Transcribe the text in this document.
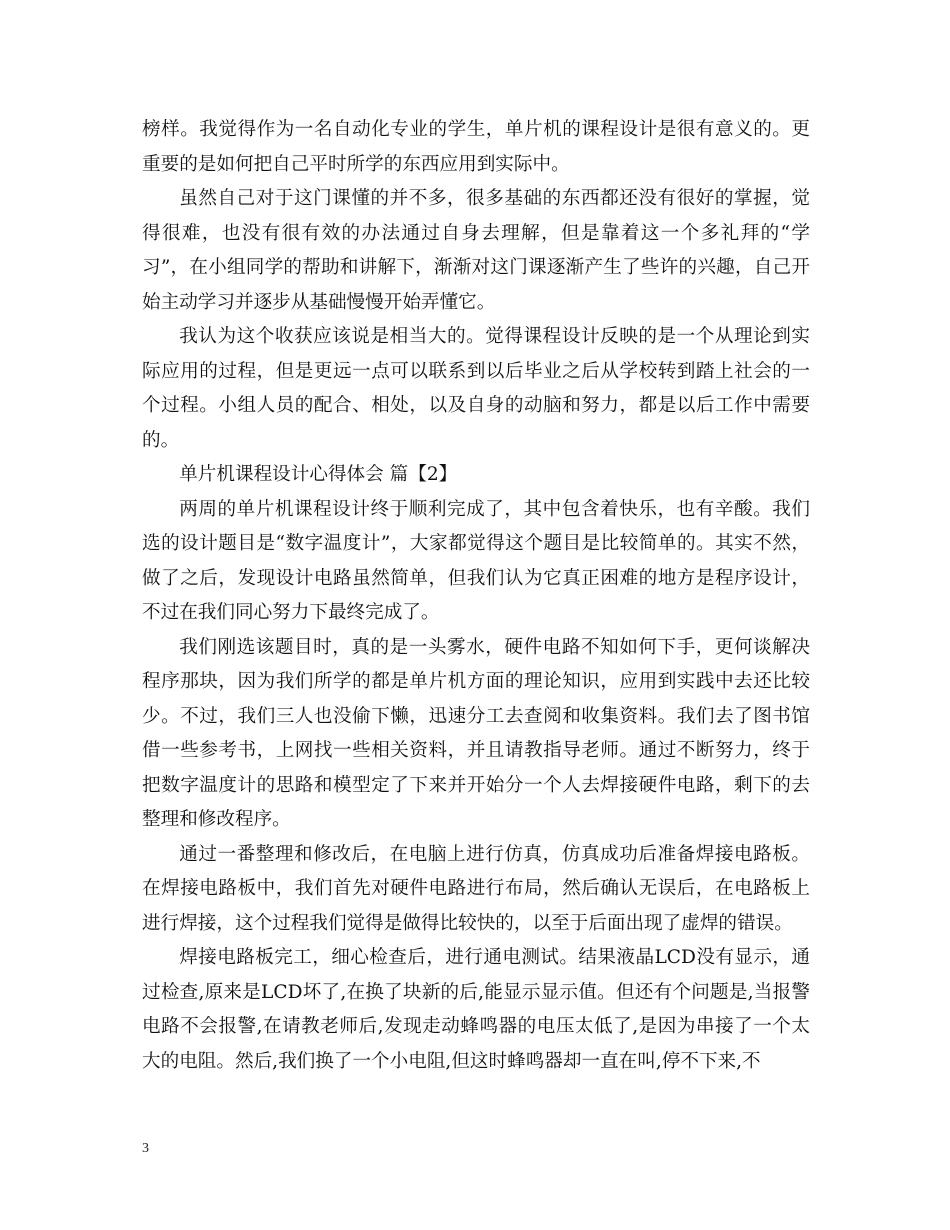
榜样。我觉得作为一名自动化专业的学生，单片机的课程设计是很有意义的。更重要的是如何把自己平时所学的东西应用到实际中。

虽然自己对于这门课懂的并不多，很多基础的东西都还没有很好的掌握，觉得很难，也没有很有效的办法通过自身去理解，但是靠着这一个多礼拜的“学习”，在小组同学的帮助和讲解下，渐渐对这门课逐渐产生了些许的兴趣，自己开始主动学习并逐步从基础慢慢开始弄懂它。

我认为这个收获应该说是相当大的。觉得课程设计反映的是一个从理论到实际应用的过程，但是更远一点可以联系到以后毕业之后从学校转到踏上社会的一个过程。小组人员的配合、相处，以及自身的动脑和努力，都是以后工作中需要的。

单片机课程设计心得体会 篇【2】

两周的单片机课程设计终于顺利完成了，其中包含着快乐，也有辛酸。我们选的设计题目是“数字温度计”，大家都觉得这个题目是比较简单的。其实不然，做了之后，发现设计电路虽然简单，但我们认为它真正困难的地方是程序设计，不过在我们同心努力下最终完成了。

我们刚选该题目时，真的是一头雾水，硬件电路不知如何下手，更何谈解决程序那块，因为我们所学的都是单片机方面的理论知识，应用到实践中去还比较少。不过，我们三人也没偷下懒，迅速分工去查阅和收集资料。我们去了图书馆借一些参考书，上网找一些相关资料，并且请教指导老师。通过不断努力，终于把数字温度计的思路和模型定了下来并开始分一个人去焊接硬件电路，剩下的去整理和修改程序。

通过一番整理和修改后，在电脑上进行仿真，仿真成功后准备焊接电路板。在焊接电路板中，我们首先对硬件电路进行布局，然后确认无误后，在电路板上进行焊接，这个过程我们觉得是做得比较快的，以至于后面出现了虚焊的错误。

焊接电路板完工，细心检查后，进行通电测试。结果液晶LCD没有显示，通过检查,原来是LCD坏了,在换了块新的后,能显示显示值。但还有个问题是,当报警电路不会报警,在请教老师后,发现走动蜂鸣器的电压太低了,是因为串接了一个太大的电阻。然后,我们换了一个小电阻,但这时蜂鸣器却一直在叫,停不下来,不

3
